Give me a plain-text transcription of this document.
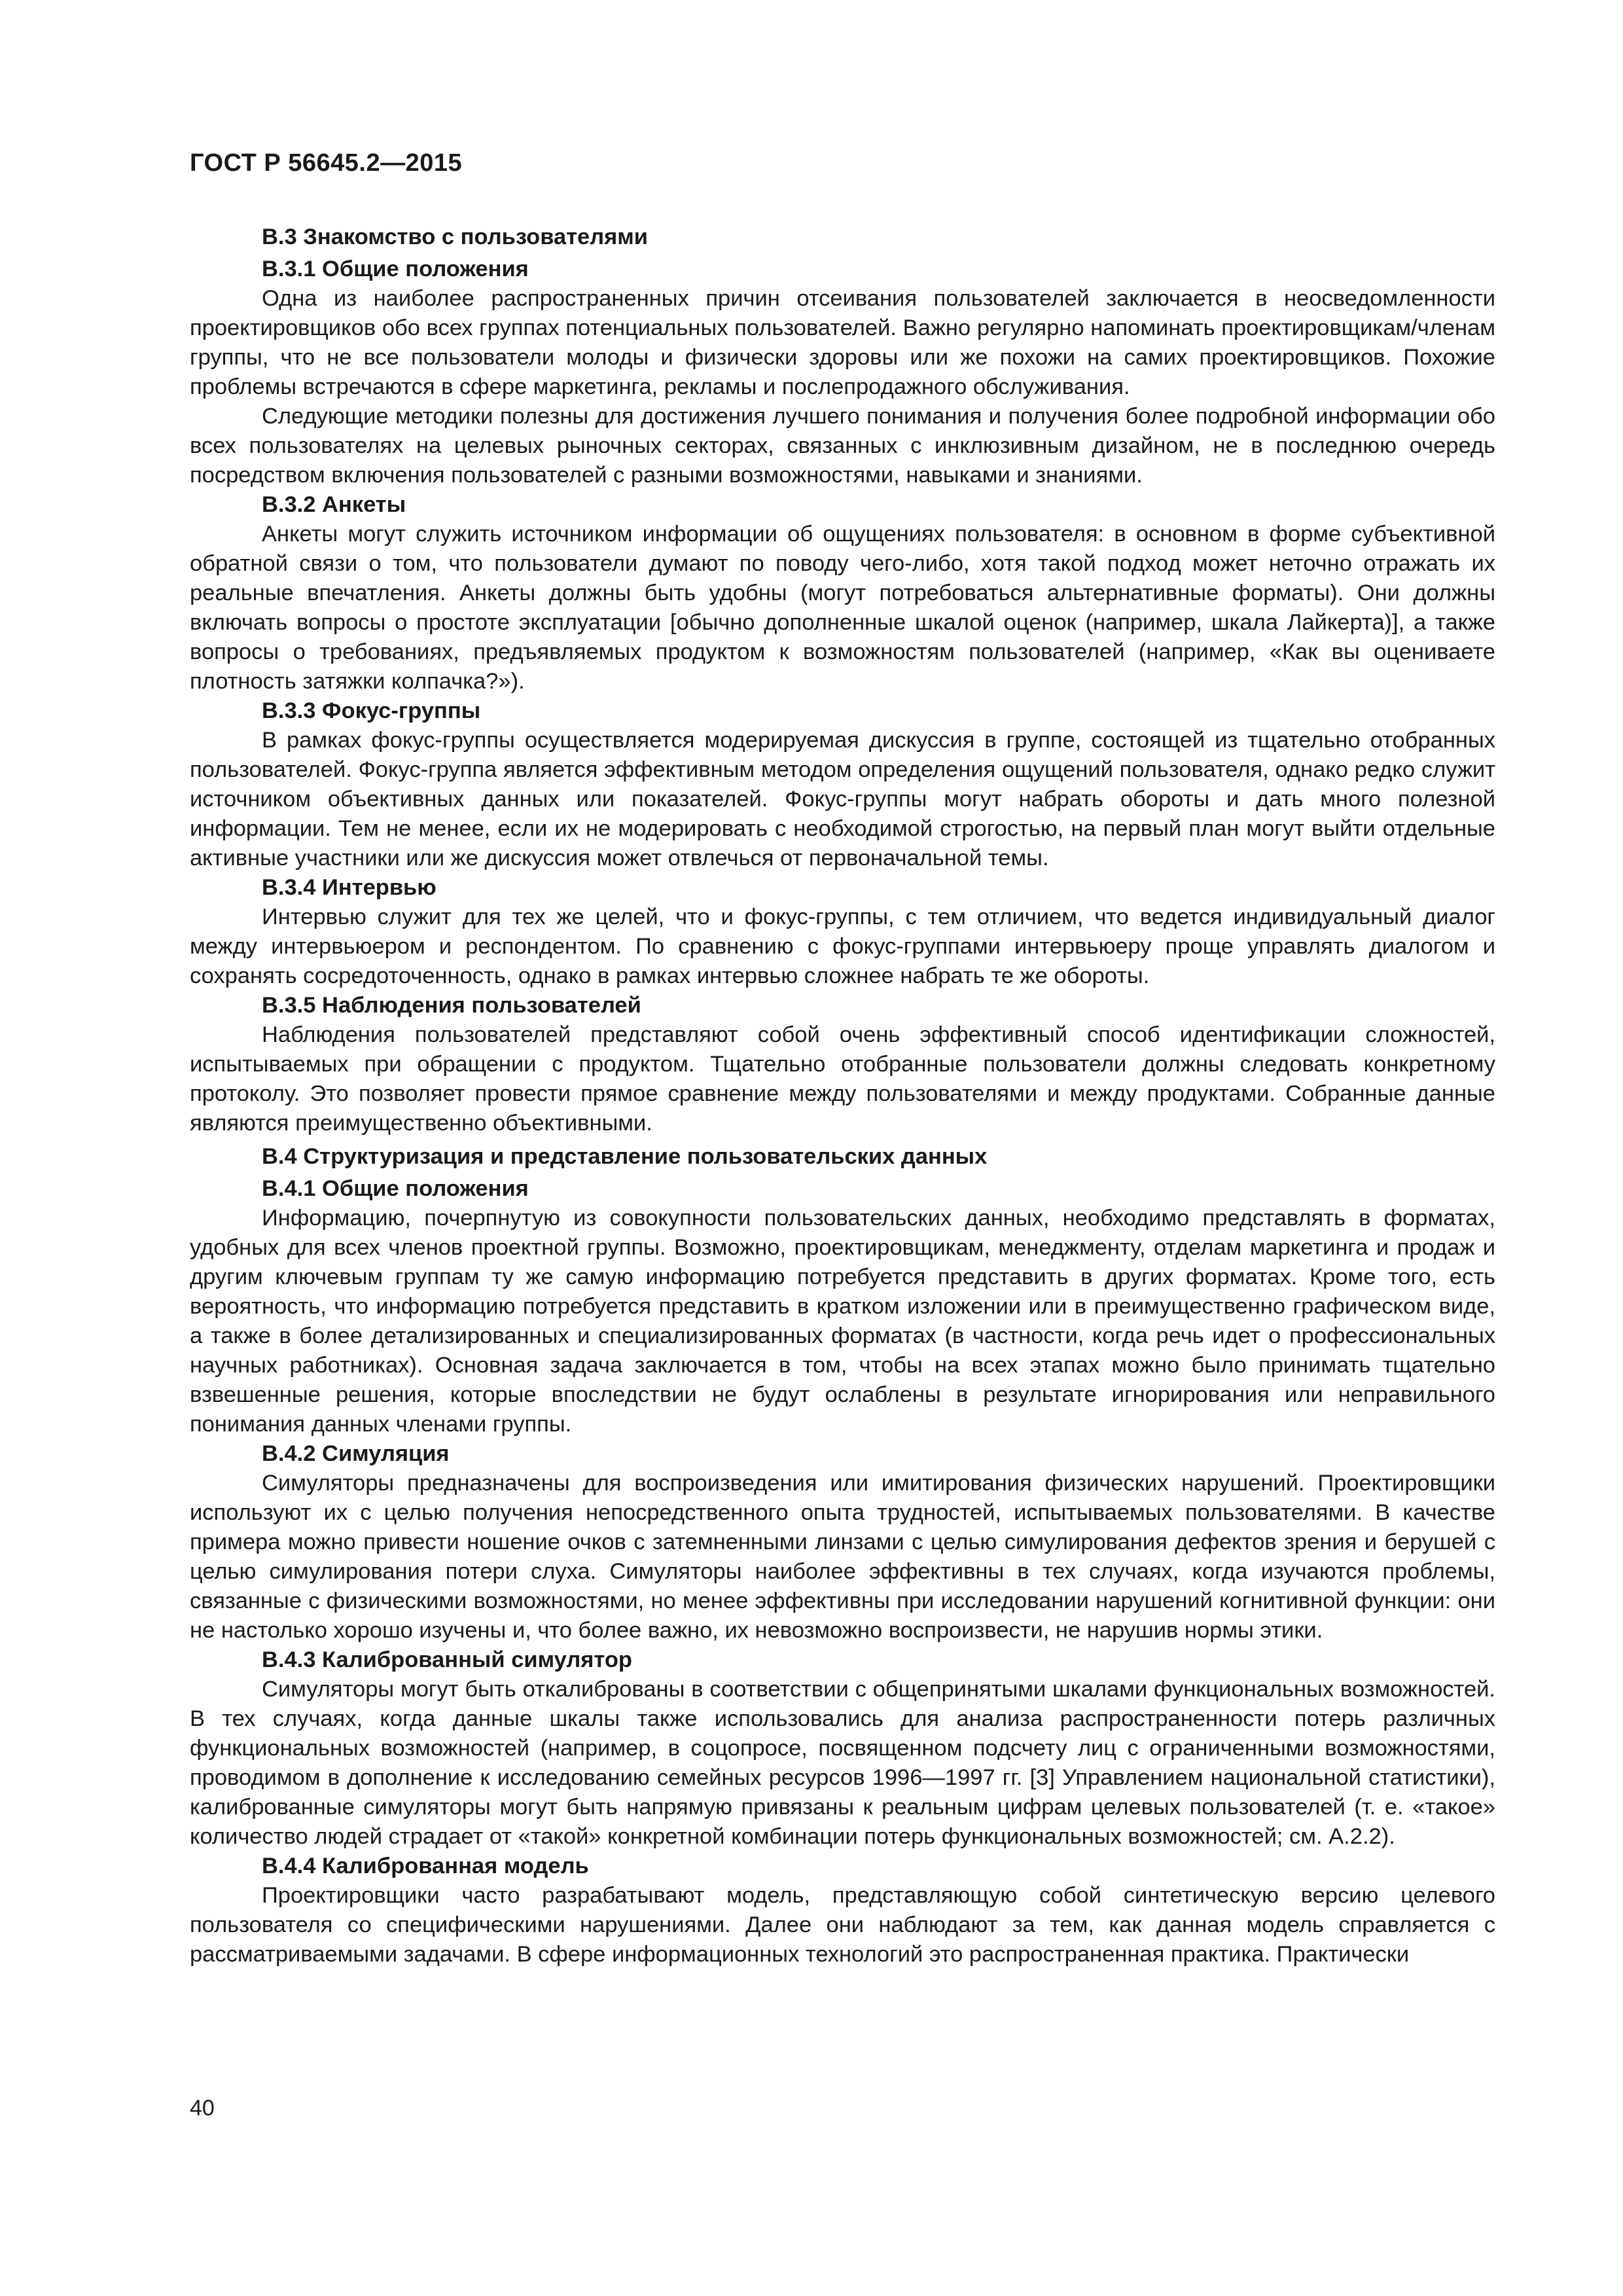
ГОСТ Р 56645.2—2015
В.3 Знакомство с пользователями
В.3.1 Общие положения

Одна из наиболее распространенных причин отсеивания пользователей заключается в неосведомленности проектировщиков обо всех группах потенциальных пользователей. Важно регулярно напоминать проектировщикам/членам группы, что не все пользователи молоды и физически здоровы или же похожи на самих проектировщиков. Похожие проблемы встречаются в сфере маркетинга, рекламы и послепродажного обслуживания.

Следующие методики полезны для достижения лучшего понимания и получения более подробной информации обо всех пользователях на целевых рыночных секторах, связанных с инклюзивным дизайном, не в последнюю очередь посредством включения пользователей с разными возможностями, навыками и знаниями.

В.3.2 Анкеты

Анкеты могут служить источником информации об ощущениях пользователя: в основном в форме субъективной обратной связи о том, что пользователи думают по поводу чего-либо, хотя такой подход может неточно отражать их реальные впечатления. Анкеты должны быть удобны (могут потребоваться альтернативные форматы). Они должны включать вопросы о простоте эксплуатации [обычно дополненные шкалой оценок (например, шкала Лайкерта)], а также вопросы о требованиях, предъявляемых продуктом к возможностям пользователей (например, «Как вы оцениваете плотность затяжки колпачка?»).

В.3.3 Фокус-группы

В рамках фокус-группы осуществляется модерируемая дискуссия в группе, состоящей из тщательно отобранных пользователей. Фокус-группа является эффективным методом определения ощущений пользователя, однако редко служит источником объективных данных или показателей. Фокус-группы могут набрать обороты и дать много полезной информации. Тем не менее, если их не модерировать с необходимой строгостью, на первый план могут выйти отдельные активные участники или же дискуссия может отвлечься от первоначальной темы.

В.3.4 Интервью

Интервью служит для тех же целей, что и фокус-группы, с тем отличием, что ведется индивидуальный диалог между интервьюером и респондентом. По сравнению с фокус-группами интервьюеру проще управлять диалогом и сохранять сосредоточенность, однако в рамках интервью сложнее набрать те же обороты.

В.3.5 Наблюдения пользователей

Наблюдения пользователей представляют собой очень эффективный способ идентификации сложностей, испытываемых при обращении с продуктом. Тщательно отобранные пользователи должны следовать конкретному протоколу. Это позволяет провести прямое сравнение между пользователями и между продуктами. Собранные данные являются преимущественно объективными.

В.4 Структуризация и представление пользовательских данных
В.4.1 Общие положения

Информацию, почерпнутую из совокупности пользовательских данных, необходимо представлять в форматах, удобных для всех членов проектной группы. Возможно, проектировщикам, менеджменту, отделам маркетинга и продаж и другим ключевым группам ту же самую информацию потребуется представить в других форматах. Кроме того, есть вероятность, что информацию потребуется представить в кратком изложении или в преимущественно графическом виде, а также в более детализированных и специализированных форматах (в частности, когда речь идет о профессиональных научных работниках). Основная задача заключается в том, чтобы на всех этапах можно было принимать тщательно взвешенные решения, которые впоследствии не будут ослаблены в результате игнорирования или неправильного понимания данных членами группы.

В.4.2 Симуляция

Симуляторы предназначены для воспроизведения или имитирования физических нарушений. Проектировщики используют их с целью получения непосредственного опыта трудностей, испытываемых пользователями. В качестве примера можно привести ношение очков с затемненными линзами с целью симулирования дефектов зрения и берушей с целью симулирования потери слуха. Симуляторы наиболее эффективны в тех случаях, когда изучаются проблемы, связанные с физическими возможностями, но менее эффективны при исследовании нарушений когнитивной функции: они не настолько хорошо изучены и, что более важно, их невозможно воспроизвести, не нарушив нормы этики.

В.4.3 Калиброванный симулятор

Симуляторы могут быть откалиброваны в соответствии с общепринятыми шкалами функциональных возможностей. В тех случаях, когда данные шкалы также использовались для анализа распространенности потерь различных функциональных возможностей (например, в соцопросе, посвященном подсчету лиц с ограниченными возможностями, проводимом в дополнение к исследованию семейных ресурсов 1996—1997 гг. [3] Управлением национальной статистики), калиброванные симуляторы могут быть напрямую привязаны к реальным цифрам целевых пользователей (т. е. «такое» количество людей страдает от «такой» конкретной комбинации потерь функциональных возможностей; см. А.2.2).

В.4.4 Калиброванная модель

Проектировщики часто разрабатывают модель, представляющую собой синтетическую версию целевого пользователя со специфическими нарушениями. Далее они наблюдают за тем, как данная модель справляется с рассматриваемыми задачами. В сфере информационных технологий это распространенная практика. Практически

40
